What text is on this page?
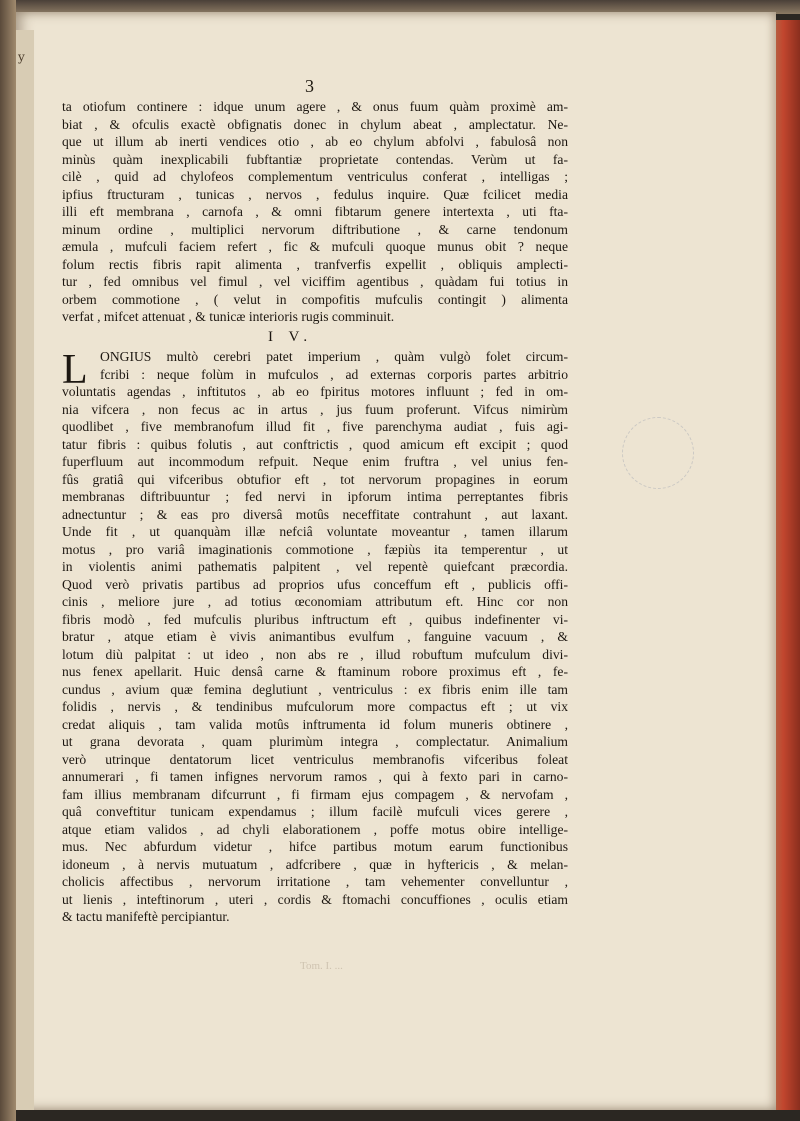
y
3
ta otiofum continere : idque unum agere , & onus fuum quàm proximè am-
biat , & ofculis exactè obfignatis donec in chylum abeat , amplectatur. Ne-
que ut illum ab inerti vendices otio , ab eo chylum abfolvi , fabulosâ non
minùs quàm inexplicabili fubftantiæ proprietate contendas. Verùm ut fa-
cilè , quid ad chylofeos complementum ventriculus conferat , intelligas ;
ipfius ftructuram , tunicas , nervos , fedulus inquire. Quæ fcilicet media
illi eft membrana , carnofa , & omni fibtarum genere intertexta , uti fta-
minum ordine , multiplici nervorum diftributione , & carne tendonum
æmula , mufculi faciem refert , fic & mufculi quoque munus obit ? neque
folum rectis fibris rapit alimenta , tranfverfis expellit , obliquis amplecti-
tur , fed omnibus vel fimul , vel viciffim agentibus , quàdam fui totius in
orbem commotione , ( velut in compofitis mufculis contingit ) alimenta
verfat , mifcet attenuat , & tunicæ interioris rugis comminuit.
I V.
L ONGIUS multò cerebri patet imperium , quàm vulgò folet circum-
fcribi : neque folùm in mufculos , ad externas corporis partes arbitrio
voluntatis agendas , inftitutos , ab eo fpiritus motores influunt ; fed in om-
nia vifcera , non fecus ac in artus , jus fuum proferunt. Vifcus nimirùm
quodlibet , five membranofum illud fit , five parenchyma audiat , fuis agi-
tatur fibris : quibus folutis , aut conftrictis , quod amicum eft excipit ; quod
fuperfluum aut incommodum refpuit. Neque enim fruftra , vel unius fen-
fûs gratiâ qui vifceribus obtufior eft , tot nervorum propagines in eorum
membranas diftribuuntur ; fed nervi in ipforum intima perreptantes fibris
adnectuntur ; & eas pro diversâ motûs neceffitate contrahunt , aut laxant.
Unde fit , ut quanquàm illæ nefciâ voluntate moveantur , tamen illarum
motus , pro variâ imaginationis commotione , fæpiùs ita temperentur , ut
in violentis animi pathematis palpitent , vel repentè quiefcant præcordia.
Quod verò privatis partibus ad proprios ufus conceffum eft , publicis offi-
cinis , meliore jure , ad totius œconomiam attributum eft. Hinc cor non
fibris modò , fed mufculis pluribus inftructum eft , quibus indefinenter vi-
bratur , atque etiam è vivis animantibus evulfum , fanguine vacuum , &
lotum diù palpitat : ut ideo , non abs re , illud robuftum mufculum divi-
nus fenex apellarit. Huic densâ carne & ftaminum robore proximus eft , fe-
cundus , avium quæ femina deglutiunt , ventriculus : ex fibris enim ille tam
folidis , nervis , & tendinibus mufculorum more compactus eft ; ut vix
credat aliquis , tam valida motûs inftrumenta id folum muneris obtinere ,
ut grana devorata , quam plurimùm integra , complectatur. Animalium
verò utrinque dentatorum licet ventriculus membranofis vifceribus foleat
annumerari , fi tamen infignes nervorum ramos , qui à fexto pari in carno-
fam illius membranam difcurrunt , fi firmam ejus compagem , & nervofam ,
quâ conveftitur tunicam expendamus ; illum facilè mufculi vices gerere ,
atque etiam validos , ad chyli elaborationem , poffe motus obire intellige-
mus. Nec abfurdum videtur , hifce partibus motum earum functionibus
idoneum , à nervis mutuatum , adfcribere , quæ in hyftericis , & melan-
cholicis affectibus , nervorum irritatione , tam vehementer convelluntur ,
ut lienis , inteftinorum , uteri , cordis & ftomachi concuffiones , oculis etiam
& tactu manifeftè percipiantur.
Tom. I. ...
